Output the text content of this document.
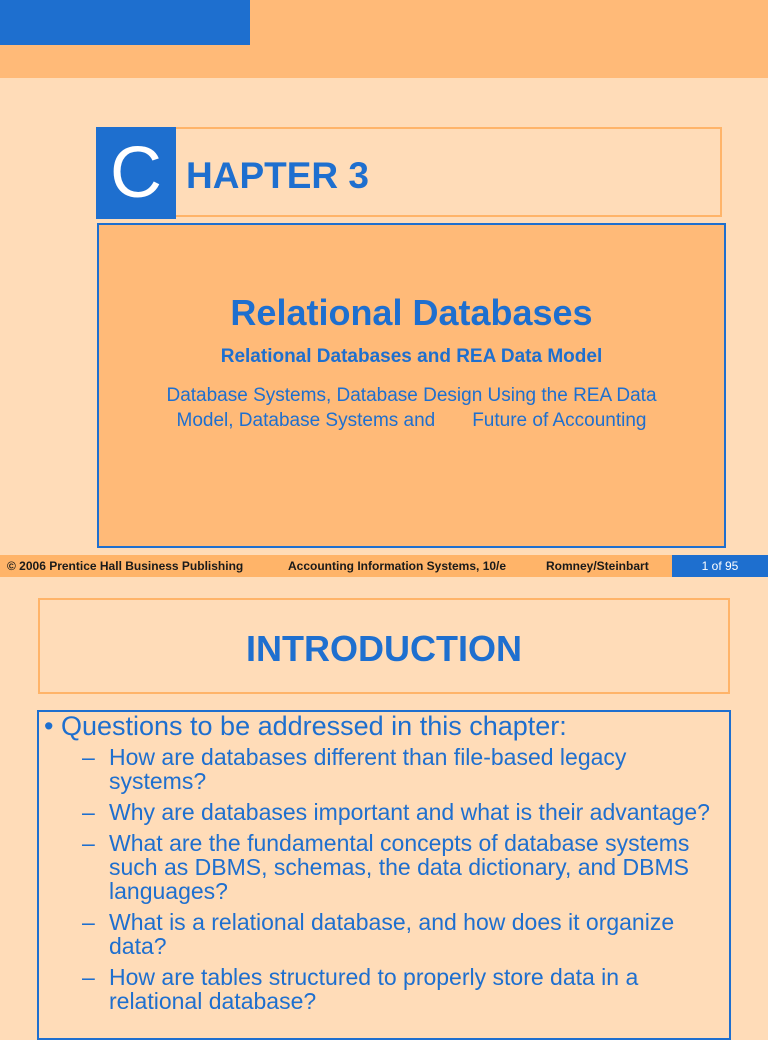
C HAPTER 3
Relational Databases
Relational Databases and REA Data Model
Database Systems, Database Design Using the REA Data
Model, Database Systems and       Future of Accounting
© 2006 Prentice Hall Business Publishing	Accounting Information Systems, 10/e	Romney/Steinbart	1 of 95
INTRODUCTION
• Questions to be addressed in this chapter:
– How are databases different than file-based legacy systems?
– Why are databases important and what is their advantage?
– What are the fundamental concepts of database systems such as DBMS, schemas, the data dictionary, and DBMS languages?
– What is a relational database, and how does it organize data?
– How are tables structured to properly store data in a relational database?
